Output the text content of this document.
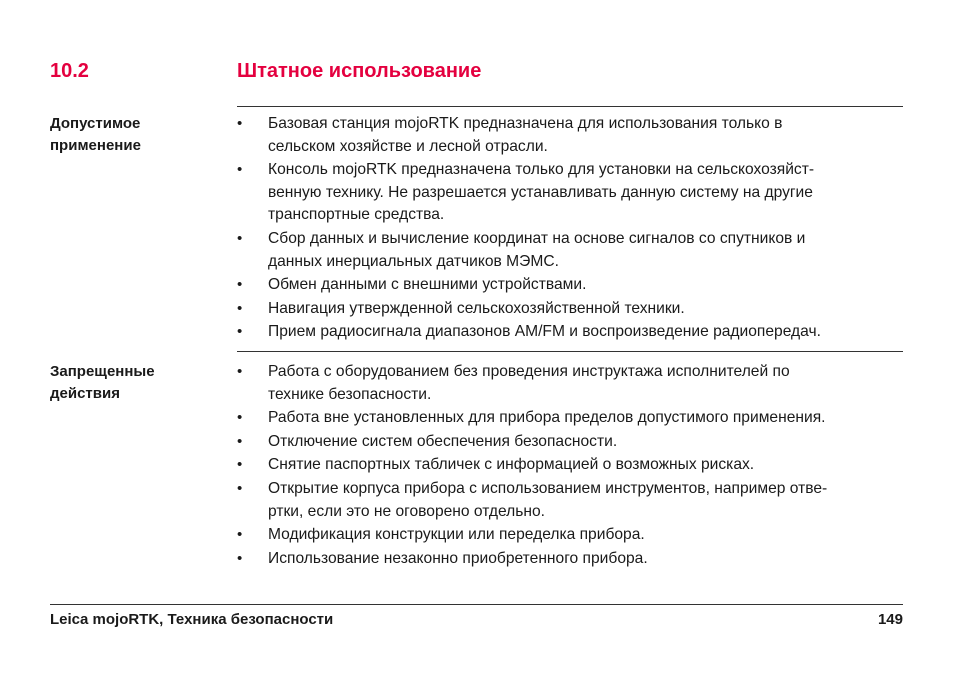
10.2	Штатное использование
Допустимое
применение
• Базовая станция mojoRTK предназначена для использования только в
сельском хозяйстве и лесной отрасли.
• Консоль mojoRTK предназначена только для установки на сельскохозяйст-
венную технику. Не разрешается устанавливать данную систему на другие
транспортные средства.
• Сбор данных и вычисление координат на основе сигналов со спутников и
данных инерциальных датчиков МЭМС.
• Обмен данными с внешними устройствами.
• Навигация утвержденной сельскохозяйственной техники.
• Прием радиосигнала диапазонов AM/FM и воспроизведение радиопередач.
Запрещенные
действия
• Работа с оборудованием без проведения инструктажа исполнителей по
технике безопасности.
• Работа вне установленных для прибора пределов допустимого применения.
• Отключение систем обеспечения безопасности.
• Снятие паспортных табличек с информацией о возможных рисках.
• Открытие корпуса прибора с использованием инструментов, например отве-
ртки, если это не оговорено отдельно.
• Модификация конструкции или переделка прибора.
• Использование незаконно приобретенного прибора.
Leica mojoRTK, Техника безопасности	149
